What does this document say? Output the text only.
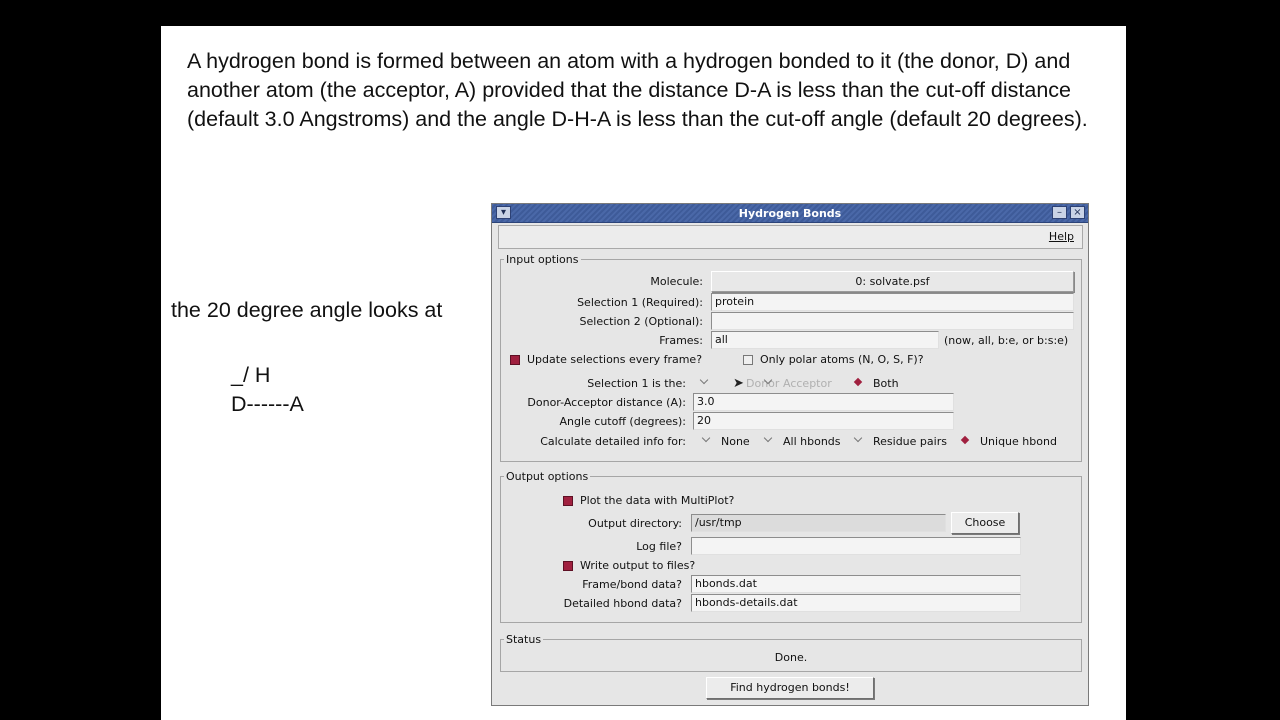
A hydrogen bond is formed between an atom with a hydrogen bonded to it (the donor, D) and another atom (the acceptor, A) provided that the distance D-A is less than the cut-off distance (default 3.0 Angstroms) and the angle D-H-A is less than the cut-off angle (default 20 degrees).
the 20 degree angle looks at
_/ H
D------A
▾	Hydrogen Bonds	–	×
Help
Input options
Molecule:	0: solvate.psf
Selection 1 (Required):	protein
Selection 2 (Optional):
Frames:	all	(now, all, b:e, or b:s:e)
Update selections every frame?	Only polar atoms (N, O, S, F)?
Selection 1 is the:	Donor Acceptor	Both
➤
Donor-Acceptor distance (A):	3.0
Angle cutoff (degrees):	20
Calculate detailed info for:	None	All hbonds	Residue pairs	Unique hbond
Output options
Plot the data with MultiPlot?
Output directory:	/usr/tmp	Choose
Log file?
Write output to files?
Frame/bond data?	hbonds.dat
Detailed hbond data?	hbonds-details.dat
Status
Done.
Find hydrogen bonds!
